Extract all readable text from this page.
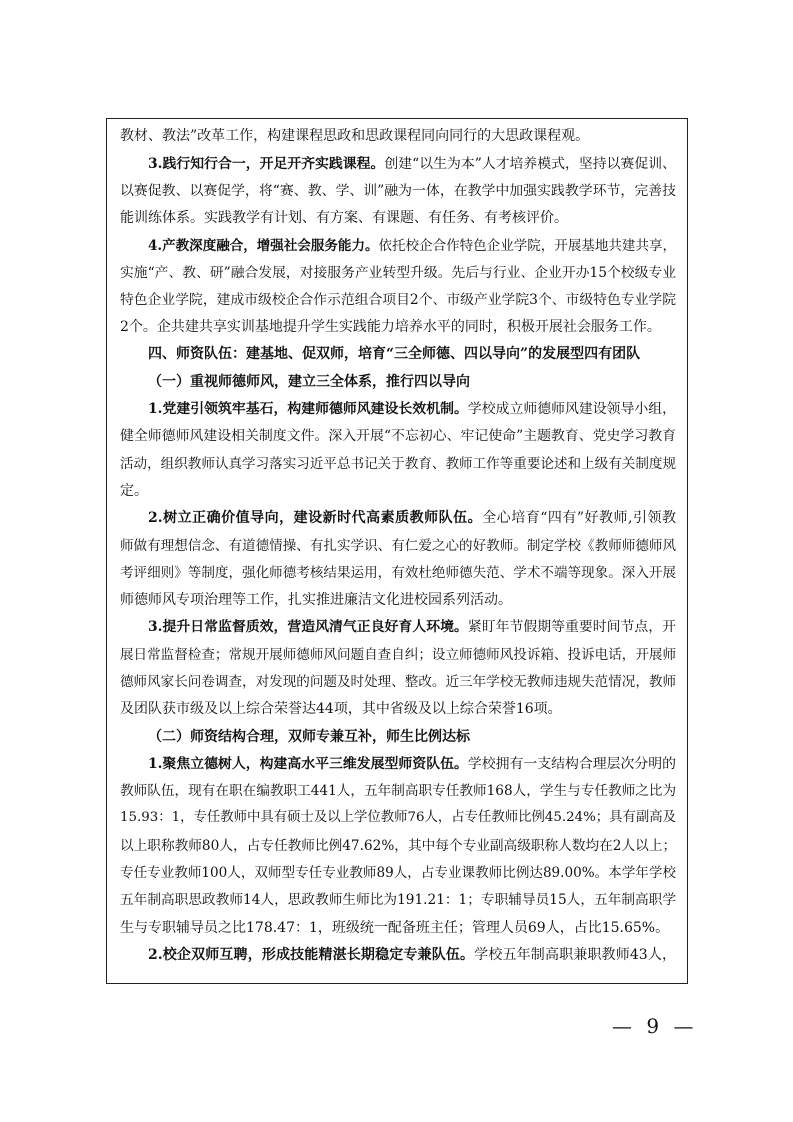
教材、教法”改革工作，构建课程思政和思政课程同向同行的大思政课程观。
3.践行知行合一，开足开齐实践课程。创建“以生为本”人才培养模式，坚持以赛促训、
以赛促教、以赛促学，将“赛、教、学、训”融为一体，在教学中加强实践教学环节，完善技
能训练体系。实践教学有计划、有方案、有课题、有任务、有考核评价。
4.产教深度融合，增强社会服务能力。依托校企合作特色企业学院，开展基地共建共享，
实施“产、教、研”融合发展，对接服务产业转型升级。先后与行业、企业开办15个校级专业
特色企业学院，建成市级校企合作示范组合项目2个、市级产业学院3个、市级特色专业学院
2个。企共建共享实训基地提升学生实践能力培养水平的同时，积极开展社会服务工作。
四、师资队伍：建基地、促双师，培育“三全师德、四以导向”的发展型四有团队
（一）重视师德师风，建立三全体系，推行四以导向
1.党建引领筑牢基石，构建师德师风建设长效机制。学校成立师德师风建设领导小组，
健全师德师风建设相关制度文件。深入开展“不忘初心、牢记使命”主题教育、党史学习教育
活动，组织教师认真学习落实习近平总书记关于教育、教师工作等重要论述和上级有关制度规
定。
2.树立正确价值导向，建设新时代高素质教师队伍。全心培育“四有”好教师,引领教
师做有理想信念、有道德情操、有扎实学识、有仁爱之心的好教师。制定学校《教师师德师风
考评细则》等制度，强化师德考核结果运用，有效杜绝师德失范、学术不端等现象。深入开展
师德师风专项治理等工作，扎实推进廉洁文化进校园系列活动。
3.提升日常监督质效，营造风清气正良好育人环境。紧盯年节假期等重要时间节点，开
展日常监督检查；常规开展师德师风问题自查自纠；设立师德师风投诉箱、投诉电话，开展师
德师风家长问卷调查，对发现的问题及时处理、整改。近三年学校无教师违规失范情况，教师
及团队获市级及以上综合荣誉达44项，其中省级及以上综合荣誉16项。
（二）师资结构合理，双师专兼互补，师生比例达标
1.聚焦立德树人，构建高水平三维发展型师资队伍。学校拥有一支结构合理层次分明的
教师队伍，现有在职在编教职工441人，五年制高职专任教师168人，学生与专任教师之比为
15.93：1，专任教师中具有硕士及以上学位教师76人，占专任教师比例45.24%；具有副高及
以上职称教师80人，占专任教师比例47.62%，其中每个专业副高级职称人数均在2人以上；
专任专业教师100人，双师型专任专业教师89人，占专业课教师比例达89.00%。本学年学校
五年制高职思政教师14人，思政教师生师比为191.21：1；专职辅导员15人，五年制高职学
生与专职辅导员之比178.47：1，班级统一配备班主任；管理人员69人，占比15.65%。
2.校企双师互聘，形成技能精湛长期稳定专兼队伍。学校五年制高职兼职教师43人，
— 9 —
